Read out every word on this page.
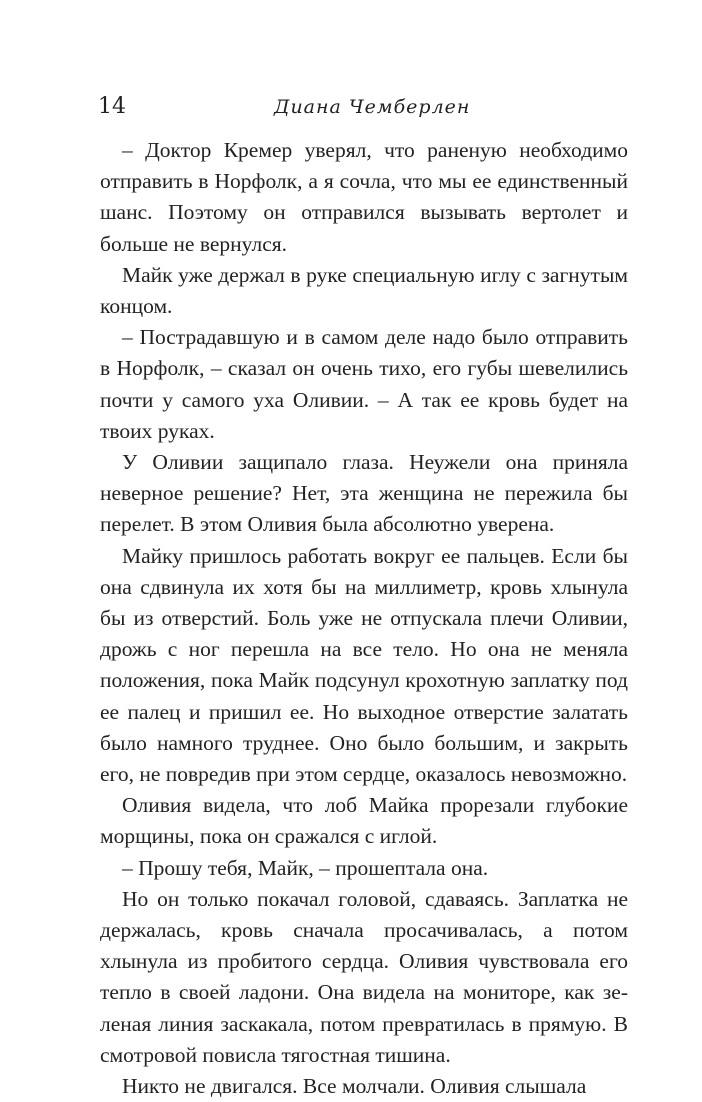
14	Диана Чемберлен

– Доктор Кремер уверял, что раненую необходимо отправить в Норфолк, а я сочла, что мы ее единственный шанс. Поэтому он отправился вызывать вертолет и больше не вернулся.

Майк уже держал в руке специальную иглу с загнутым концом.

– Пострадавшую и в самом деле надо было отправить в Норфолк, – сказал он очень тихо, его губы шевелились почти у самого уха Оливии. – А так ее кровь будет на твоих руках.

У Оливии защипало глаза. Неужели она приняла неверное решение? Нет, эта женщина не пережила бы перелет. В этом Оливия была абсолютно уверена.

Майку пришлось работать вокруг ее пальцев. Если бы она сдвинула их хотя бы на миллиметр, кровь хлынула бы из отверстий. Боль уже не отпускала плечи Оливии, дрожь с ног перешла на все тело. Но она не меняла положения, пока Майк подсунул крохотную заплатку под ее палец и пришил ее. Но выходное отверстие залатать было намного труднее. Оно было большим, и закрыть его, не повредив при этом сердце, оказалось невозможно.

Оливия видела, что лоб Майка прорезали глубокие морщины, пока он сражался с иглой.

– Прошу тебя, Майк, – прошептала она.

Но он только покачал головой, сдаваясь. Заплатка не держалась, кровь сначала просачивалась, а потом хлынула из пробитого сердца. Оливия чувствовала его тепло в своей ладони. Она видела на мониторе, как зеленая линия заскакала, потом превратилась в прямую. В смотровой повисла тягостная тишина.

Никто не двигался. Все молчали. Оливия слышала
